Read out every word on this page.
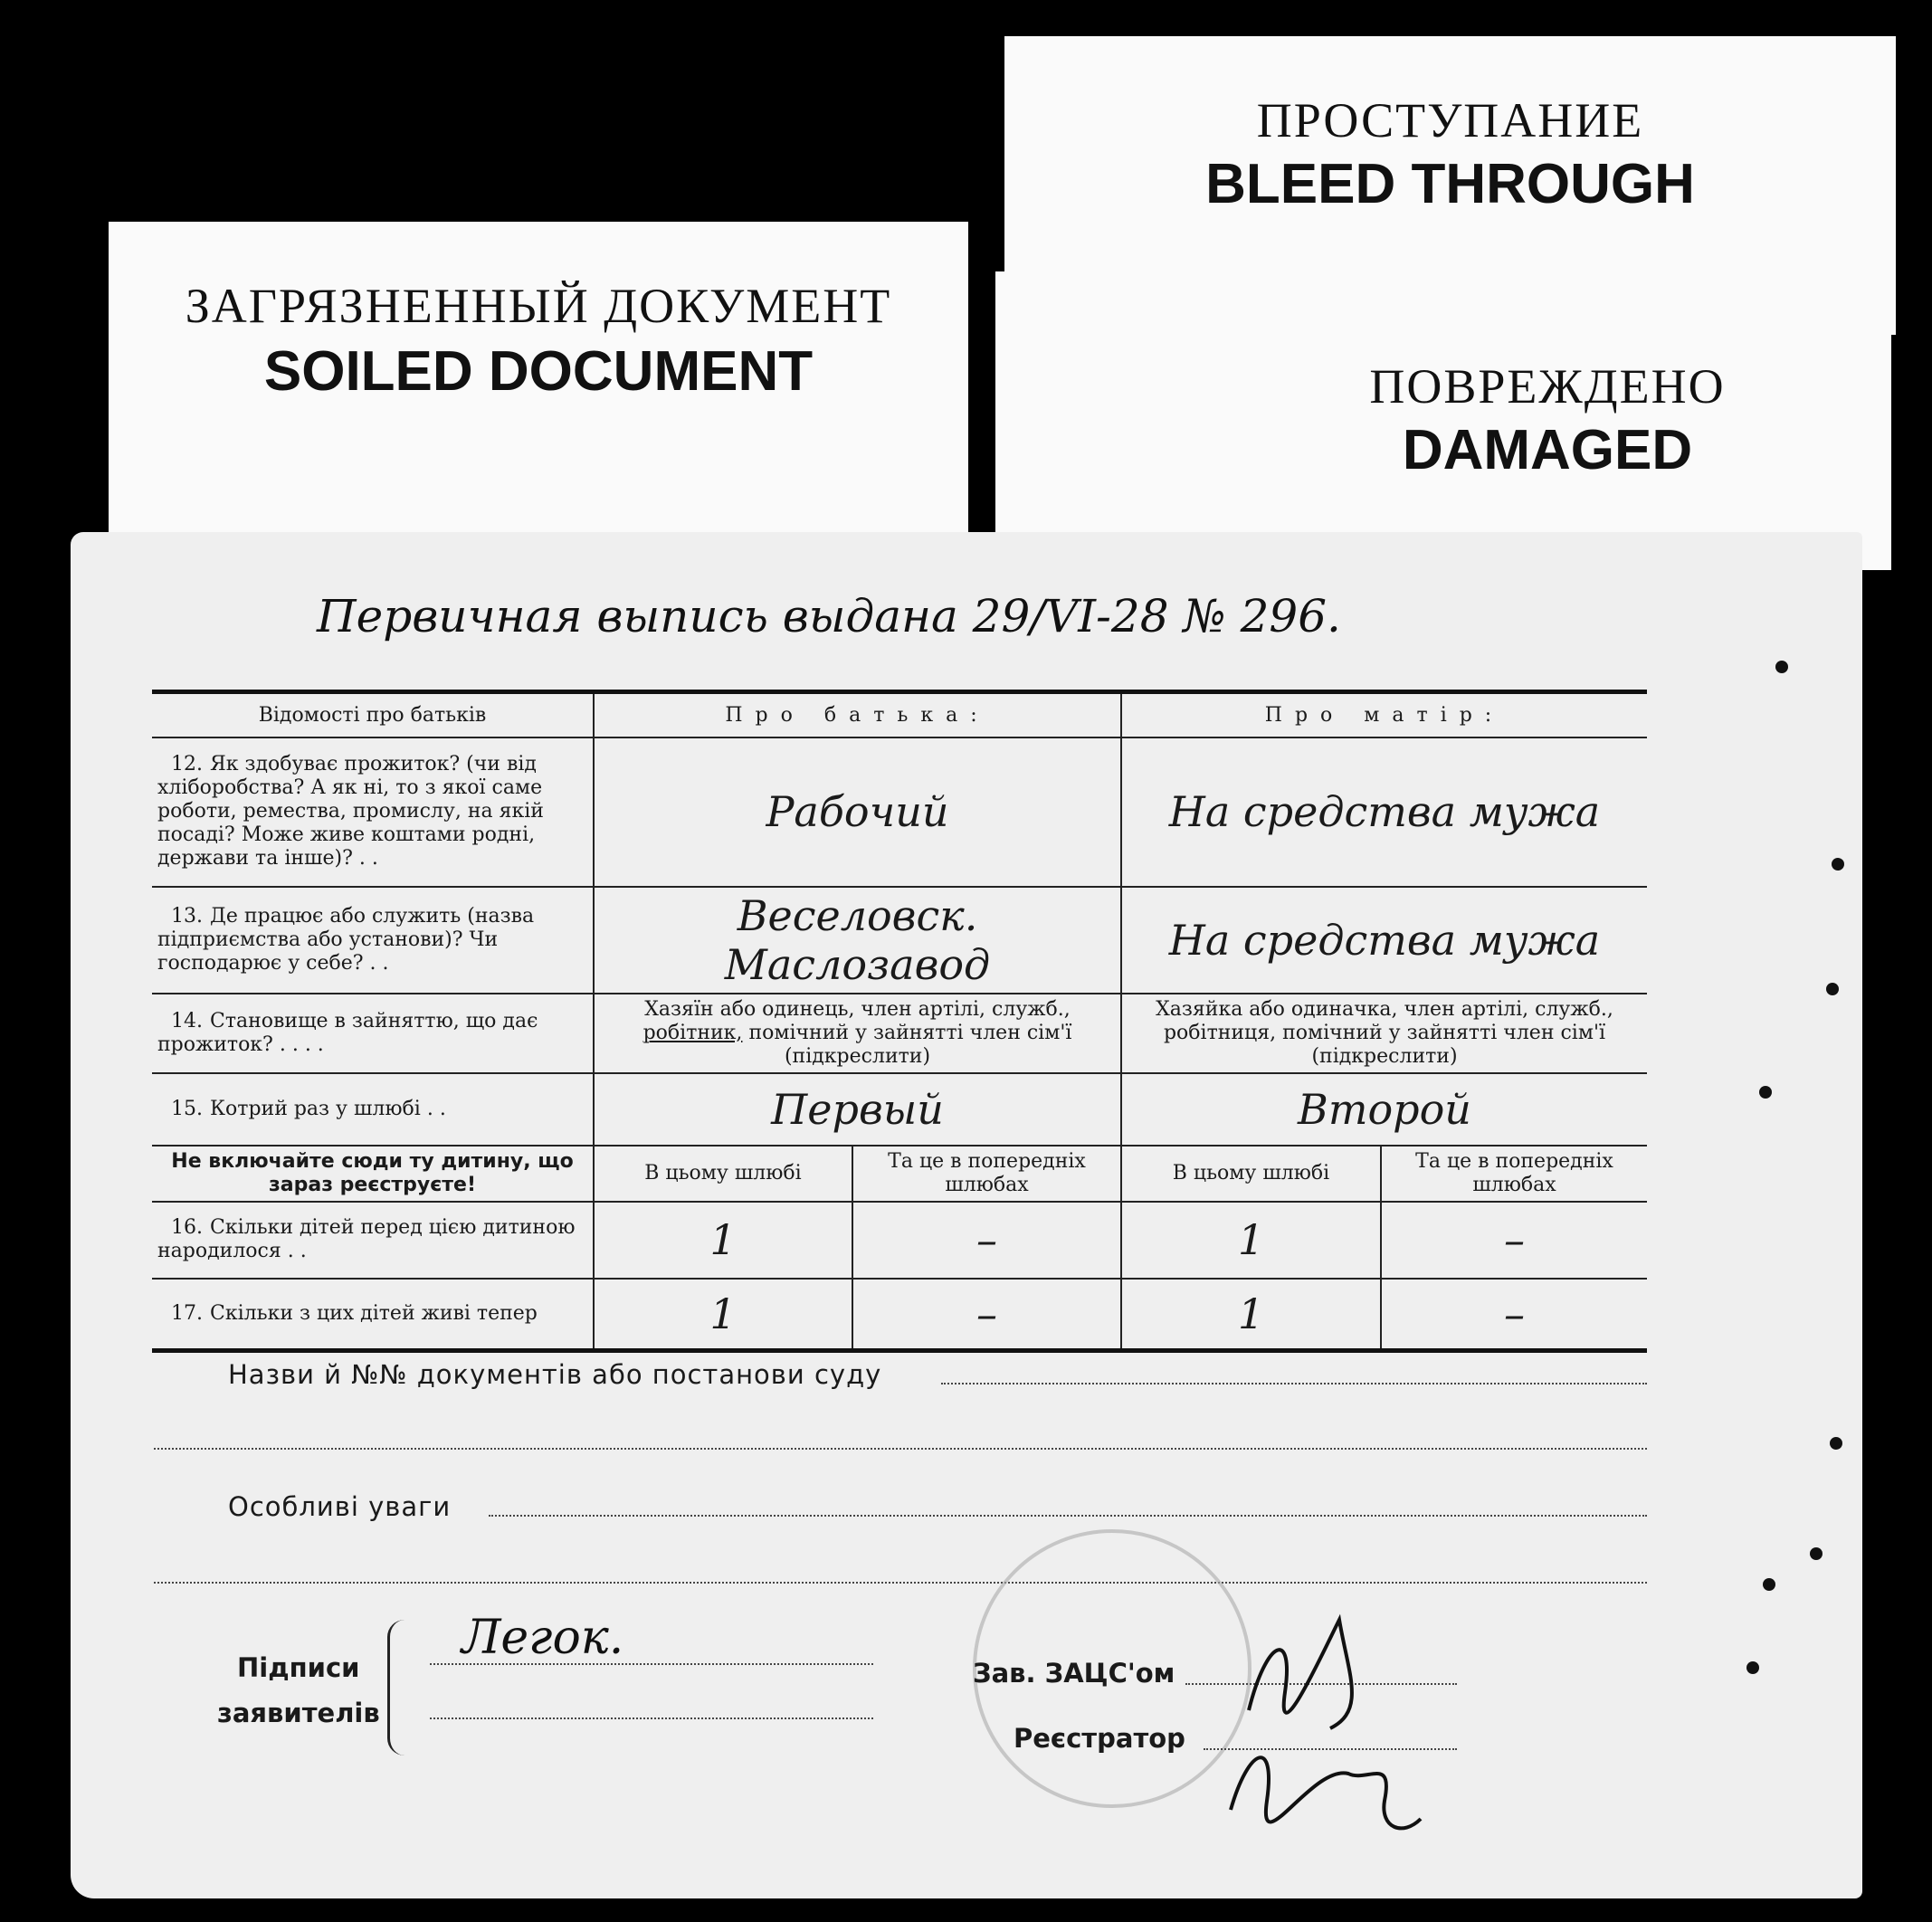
ЗАГРЯЗНЕННЫЙ ДОКУМЕНТ
SOILED DOCUMENT
ПРОСТУПАНИЕ
BLEED THROUGH
ПОВРЕЖДЕНО
DAMAGED
Первичная выпись выдана 29/VI-28 № 296.
Відомості про батьків	Про батька:		Про матір:	
12. Як здобуває прожиток? (чи від хліборобства? А як ні, то з якої саме роботи, ремества, промислу, на якій посаді? Може живе коштами родні, держави та інше)? . .	Рабочий		На средства мужа	
13. Де працює або служить (назва підприємства або установи)? Чи господарює у себе? . .	Веселовск. Маслозавод		На средства мужа	
14. Становище в зайняттю, що дає прожиток? . . . .	Хазяїн або одинець, член артілі, служб.,
робітник, помічний у зайнятті член сім'ї
(підкреслити)		Хазяйка або одиначка, член артілі, служб.,
робітниця, помічний у зайнятті член сім'ї
(підкреслити)	
15. Котрий раз у шлюбі . .	Первый		Второй	
Не включайте сюди ту дитину, що зараз реєструєте!	В цьому шлюбі	Та це в попередніх шлюбах	В цьому шлюбі	Та це в попередніх шлюбах
16. Скільки дітей перед цією дитиною народилося . .	1	–	1	–
17. Скільки з цих дітей живі тепер	1	–	1	–
Назви й №№ документів або постанови суду
Особливі уваги
Підписи
заявителів
Легок.
Зав. ЗАЦС'ом
Реєстратор
